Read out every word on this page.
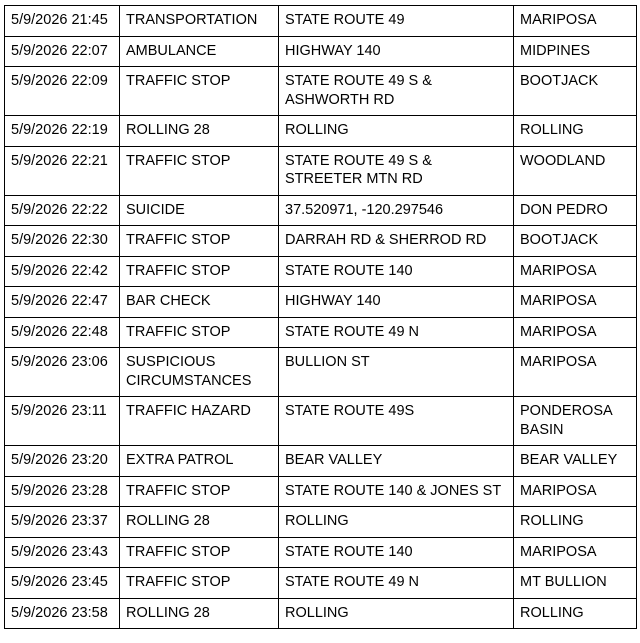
5/9/2026 21:45	TRANSPORTATION	STATE ROUTE 49	MARIPOSA
5/9/2026 22:07	AMBULANCE	HIGHWAY 140	MIDPINES
5/9/2026 22:09	TRAFFIC STOP	STATE ROUTE 49 S & ASHWORTH RD	BOOTJACK
5/9/2026 22:19	ROLLING 28	ROLLING	ROLLING
5/9/2026 22:21	TRAFFIC STOP	STATE ROUTE 49 S & STREETER MTN RD	WOODLAND
5/9/2026 22:22	SUICIDE	37.520971, -120.297546	DON PEDRO
5/9/2026 22:30	TRAFFIC STOP	DARRAH RD & SHERROD RD	BOOTJACK
5/9/2026 22:42	TRAFFIC STOP	STATE ROUTE 140	MARIPOSA
5/9/2026 22:47	BAR CHECK	HIGHWAY 140	MARIPOSA
5/9/2026 22:48	TRAFFIC STOP	STATE ROUTE 49 N	MARIPOSA
5/9/2026 23:06	SUSPICIOUS CIRCUMSTANCES	BULLION ST	MARIPOSA
5/9/2026 23:11	TRAFFIC HAZARD	STATE ROUTE 49S	PONDEROSA BASIN
5/9/2026 23:20	EXTRA PATROL	BEAR VALLEY	BEAR VALLEY
5/9/2026 23:28	TRAFFIC STOP	STATE ROUTE 140 & JONES ST	MARIPOSA
5/9/2026 23:37	ROLLING 28	ROLLING	ROLLING
5/9/2026 23:43	TRAFFIC STOP	STATE ROUTE 140	MARIPOSA
5/9/2026 23:45	TRAFFIC STOP	STATE ROUTE 49 N	MT BULLION
5/9/2026 23:58	ROLLING 28	ROLLING	ROLLING
